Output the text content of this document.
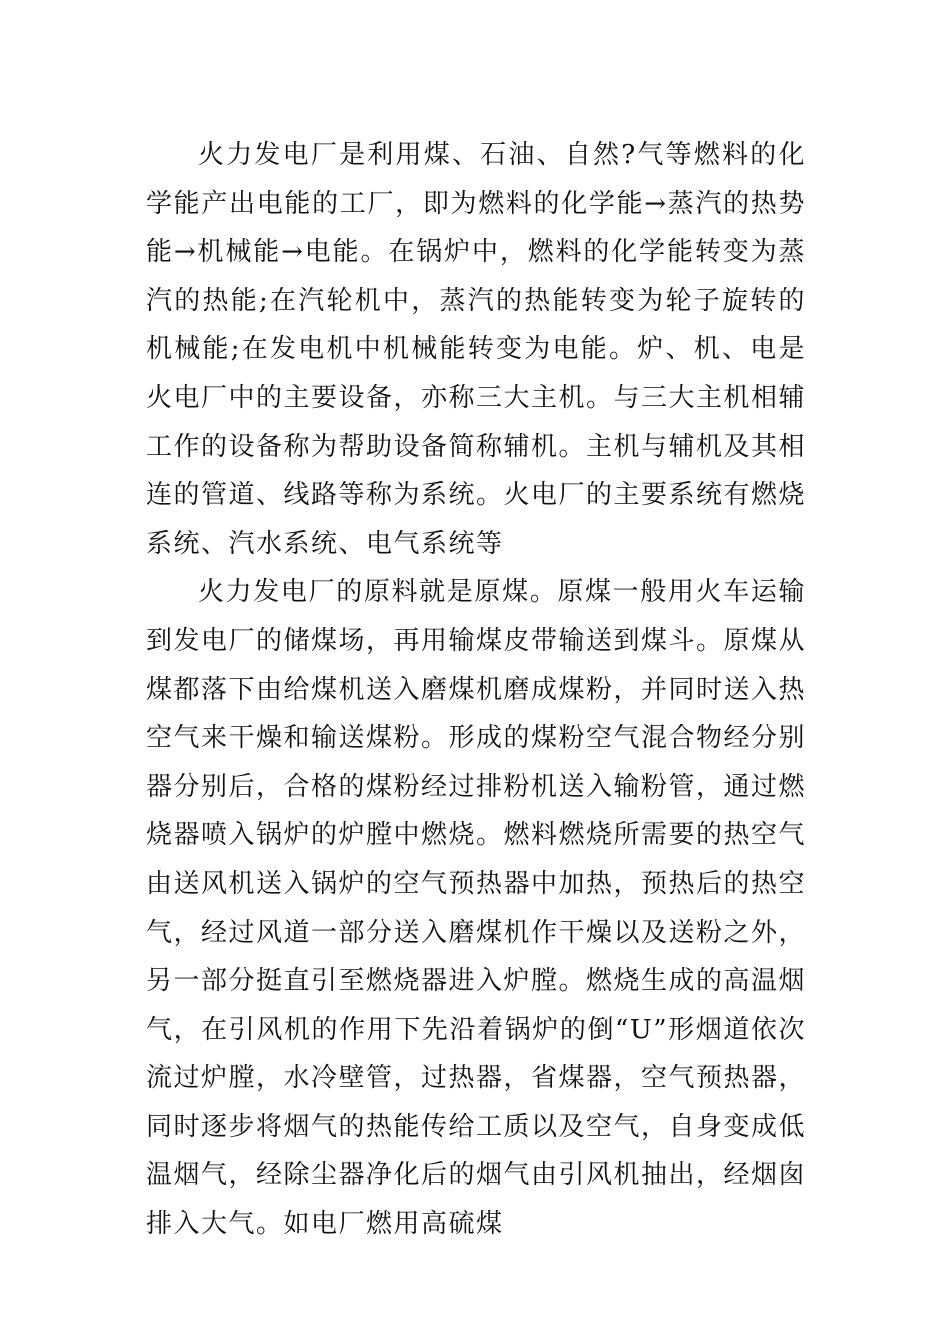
火力发电厂是利用煤、石油、自然?气等燃料的化学能产出电能的工厂，即为燃料的化学能→蒸汽的热势能→机械能→电能。在锅炉中，燃料的化学能转变为蒸汽的热能;在汽轮机中，蒸汽的热能转变为轮子旋转的机械能;在发电机中机械能转变为电能。炉、机、电是火电厂中的主要设备，亦称三大主机。与三大主机相辅工作的设备称为帮助设备简称辅机。主机与辅机及其相连的管道、线路等称为系统。火电厂的主要系统有燃烧系统、汽水系统、电气系统等

火力发电厂的原料就是原煤。原煤一般用火车运输到发电厂的储煤场，再用输煤皮带输送到煤斗。原煤从煤都落下由给煤机送入磨煤机磨成煤粉，并同时送入热空气来干燥和输送煤粉。形成的煤粉空气混合物经分别器分别后，合格的煤粉经过排粉机送入输粉管，通过燃烧器喷入锅炉的炉膛中燃烧。燃料燃烧所需要的热空气由送风机送入锅炉的空气预热器中加热，预热后的热空气，经过风道一部分送入磨煤机作干燥以及送粉之外，另一部分挺直引至燃烧器进入炉膛。燃烧生成的高温烟气，在引风机的作用下先沿着锅炉的倒“U”形烟道依次流过炉膛，水冷壁管，过热器，省煤器，空气预热器，同时逐步将烟气的热能传给工质以及空气，自身变成低温烟气，经除尘器净化后的烟气由引风机抽出，经烟囱排入大气。如电厂燃用高硫煤
